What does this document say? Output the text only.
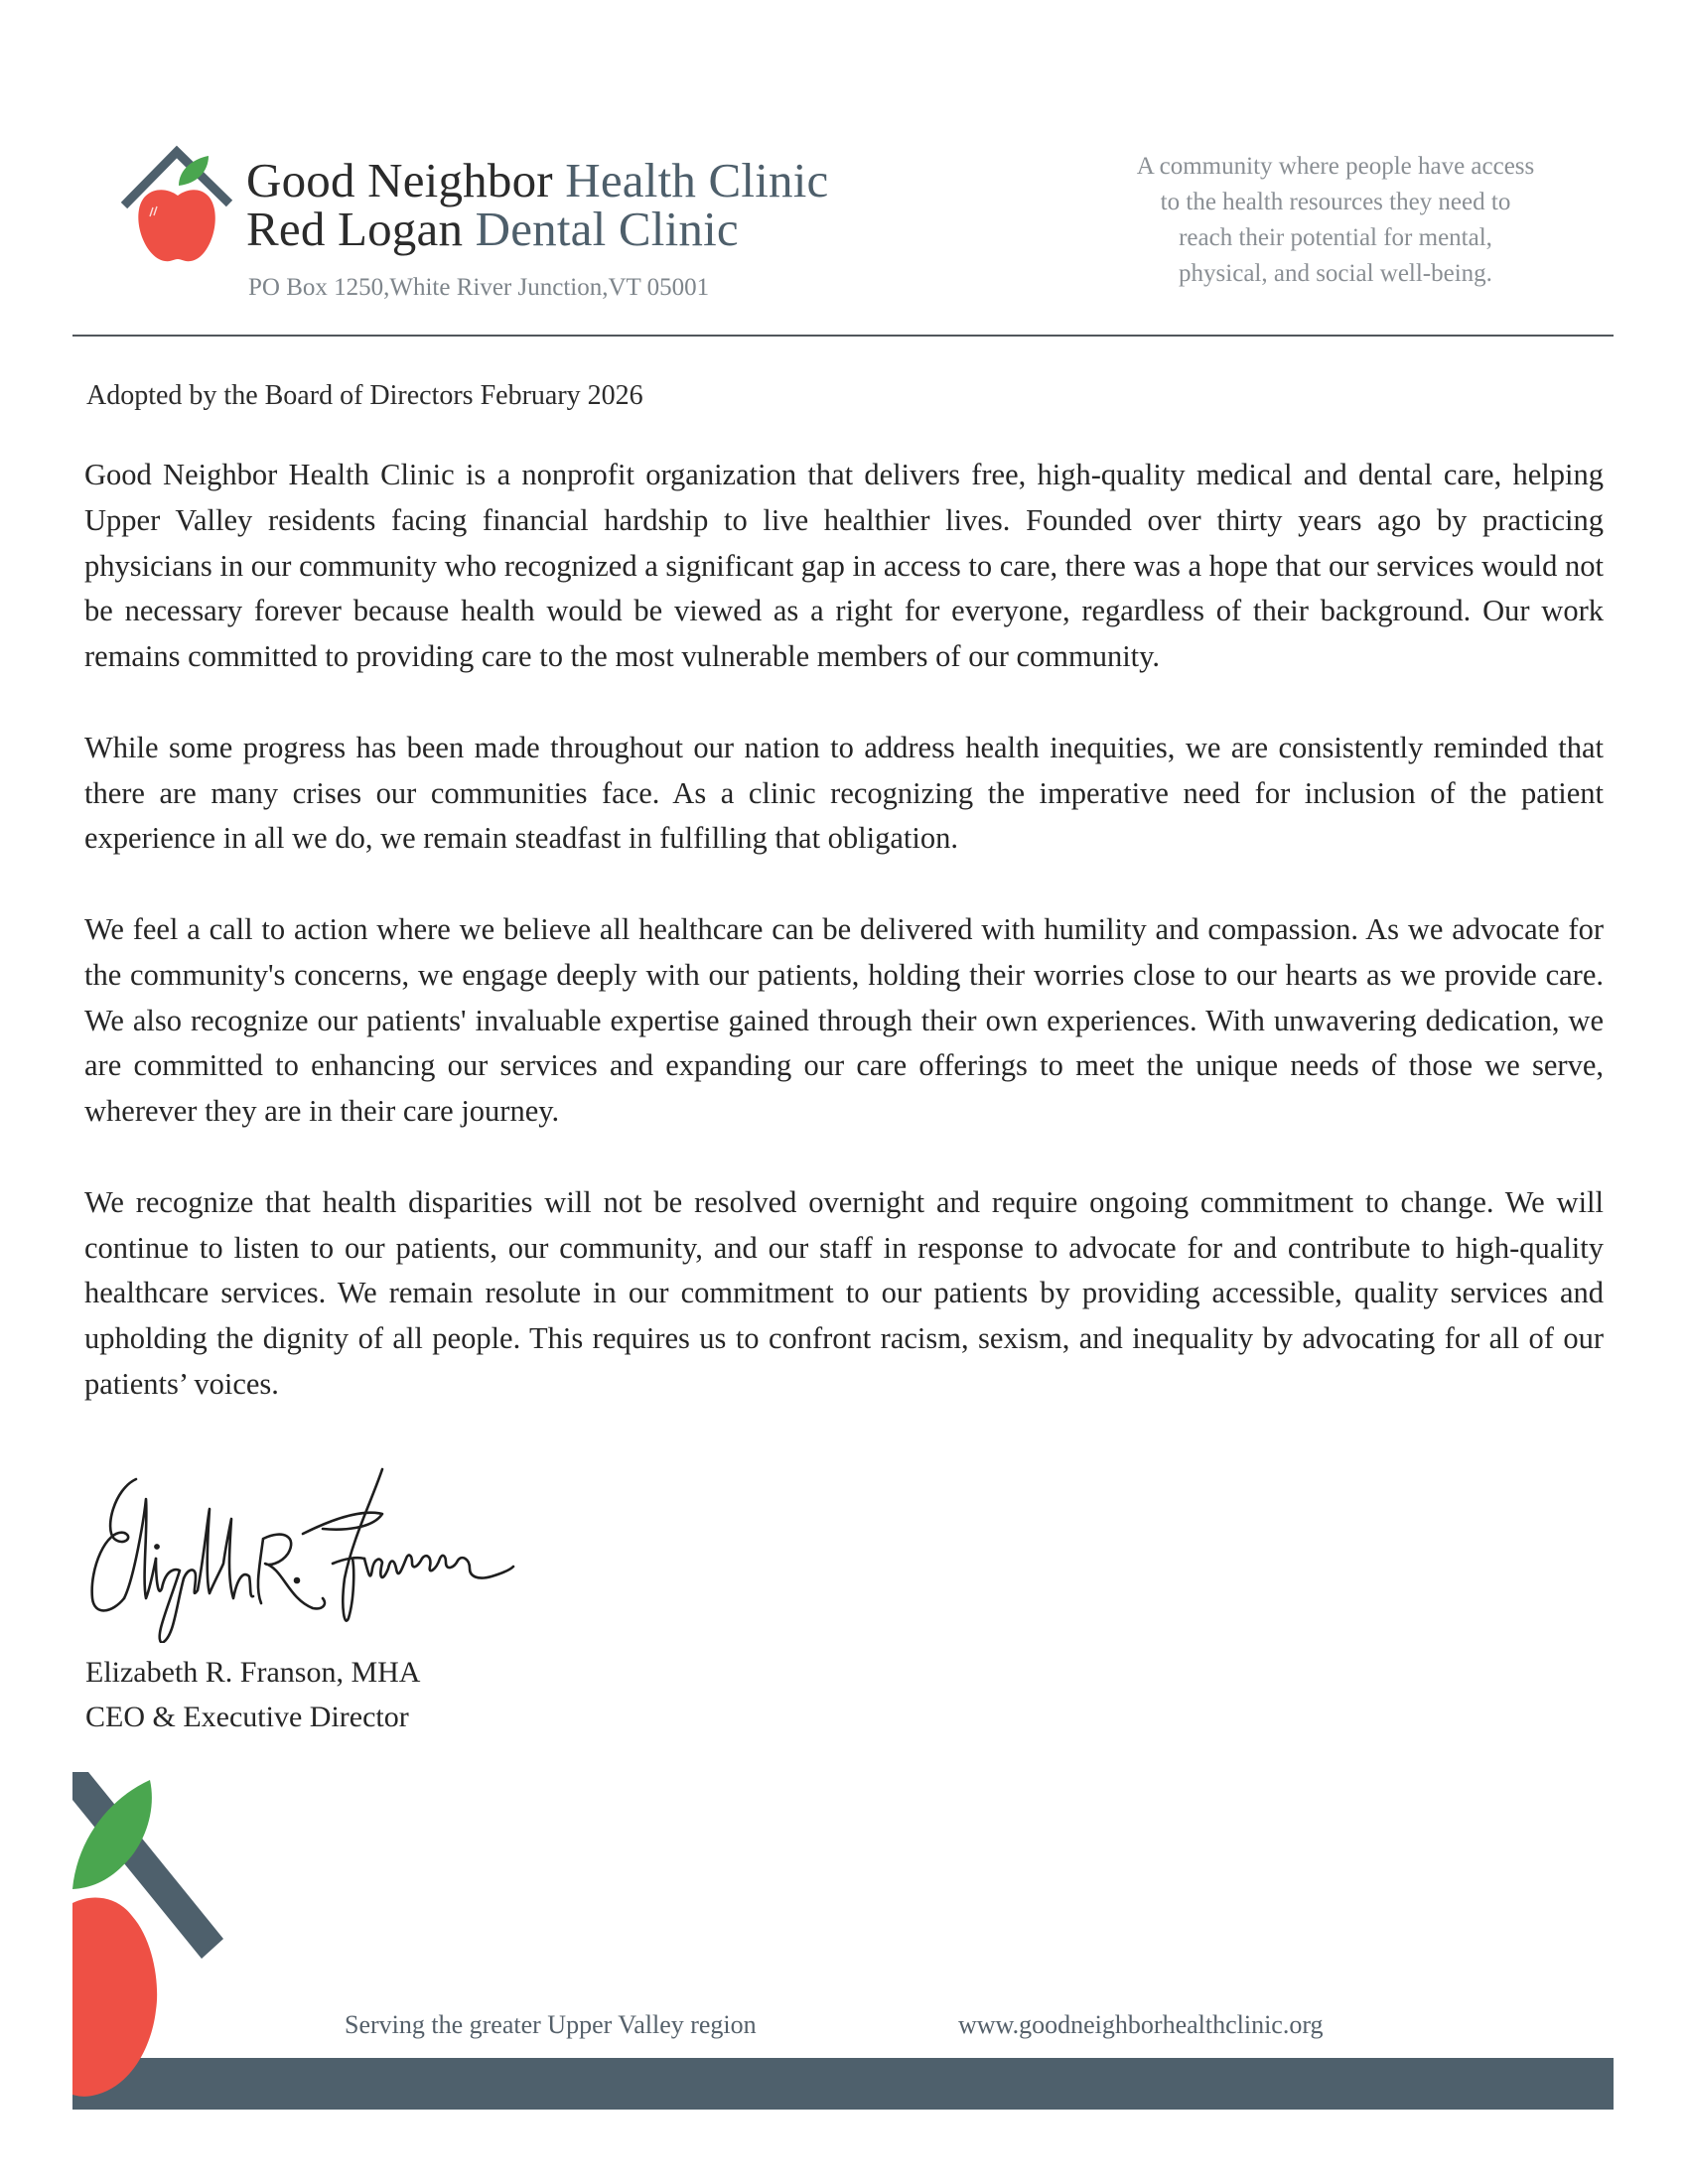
Good Neighbor Health Clinic
Red Logan Dental Clinic
PO Box 1250,White River Junction,VT 05001
A community where people have access
to the health resources they need to
reach their potential for mental,
physical, and social well-being.
Adopted by the Board of Directors February 2026

Good Neighbor Health Clinic is a nonprofit organization that delivers free, high-quality medical and dental care, helping Upper Valley residents facing financial hardship to live healthier lives. Founded over thirty years ago by practicing physicians in our community who recognized a significant gap in access to care, there was a hope that our services would not be necessary forever because health would be viewed as a right for everyone, regardless of their background. Our work remains committed to providing care to the most vulnerable members of our community.

While some progress has been made throughout our nation to address health inequities, we are consistently reminded that there are many crises our communities face. As a clinic recognizing the imperative need for inclusion of the patient experience in all we do, we remain steadfast in fulfilling that obligation.

We feel a call to action where we believe all healthcare can be delivered with humility and compassion. As we advocate for the community's concerns, we engage deeply with our patients, holding their worries close to our hearts as we provide care. We also recognize our patients' invaluable expertise gained through their own experiences. With unwavering dedication, we are committed to enhancing our services and expanding our care offerings to meet the unique needs of those we serve, wherever they are in their care journey.

We recognize that health disparities will not be resolved overnight and require ongoing commitment to change. We will continue to listen to our patients, our community, and our staff in response to advocate for and contribute to high-quality healthcare services. We remain resolute in our commitment to our patients by providing accessible, quality services and upholding the dignity of all people. This requires us to confront racism, sexism, and inequality by advocating for all of our patients’ voices.

Elizabeth R. Franson, MHA
CEO & Executive Director
Serving the greater Upper Valley region	www.goodneighborhealthclinic.org
